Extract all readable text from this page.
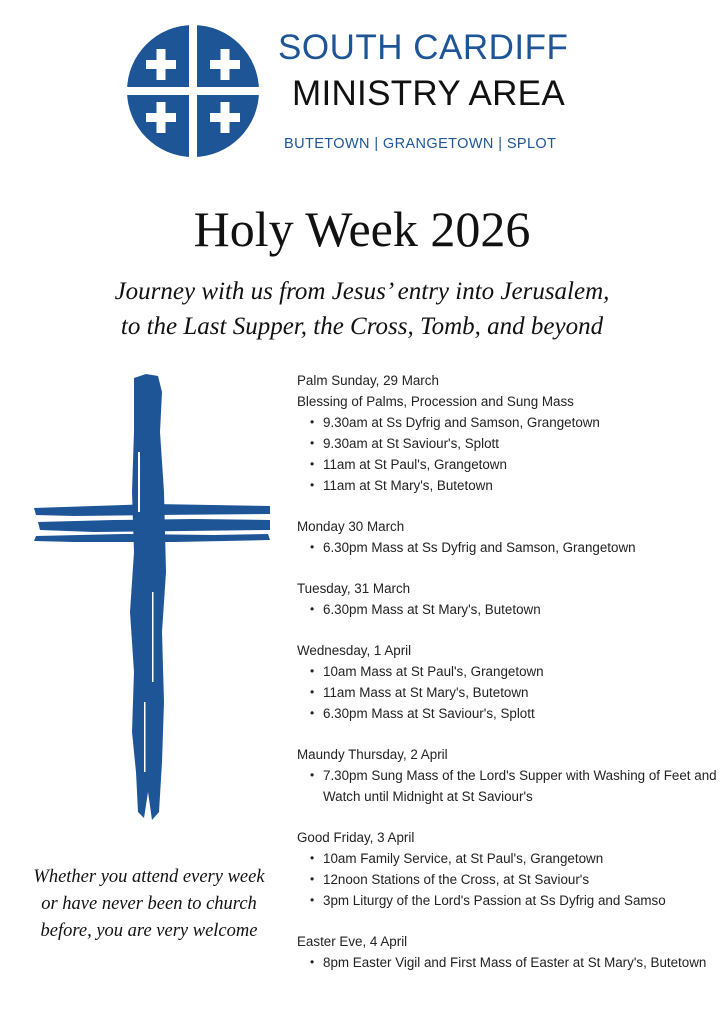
SOUTH CARDIFF
MINISTRY AREA
BUTETOWN | GRANGETOWN | SPLOT
Holy Week 2026
Journey with us from Jesus’ entry into Jerusalem,
to the Last Supper, the Cross, Tomb, and beyond
Whether you attend every week
or have never been to church
before, you are very welcome
Palm Sunday, 29 March
Blessing of Palms, Procession and Sung Mass
• 9.30am at Ss Dyfrig and Samson, Grangetown
• 9.30am at St Saviour's, Splott
• 11am at St Paul's, Grangetown
• 11am at St Mary's, Butetown
Monday 30 March
• 6.30pm Mass at Ss Dyfrig and Samson, Grangetown
Tuesday, 31 March
• 6.30pm Mass at St Mary's, Butetown
Wednesday, 1 April
• 10am Mass at St Paul's, Grangetown
• 11am Mass at St Mary's, Butetown
• 6.30pm Mass at St Saviour's, Splott
Maundy Thursday, 2 April
• 7.30pm Sung Mass of the Lord's Supper with Washing of Feet and Watch until Midnight at St Saviour's
Good Friday, 3 April
• 10am Family Service, at St Paul's, Grangetown
• 12noon Stations of the Cross, at St Saviour's
• 3pm Liturgy of the Lord's Passion at Ss Dyfrig and Samso
Easter Eve, 4 April
• 8pm Easter Vigil and First Mass of Easter at St Mary's, Butetown
